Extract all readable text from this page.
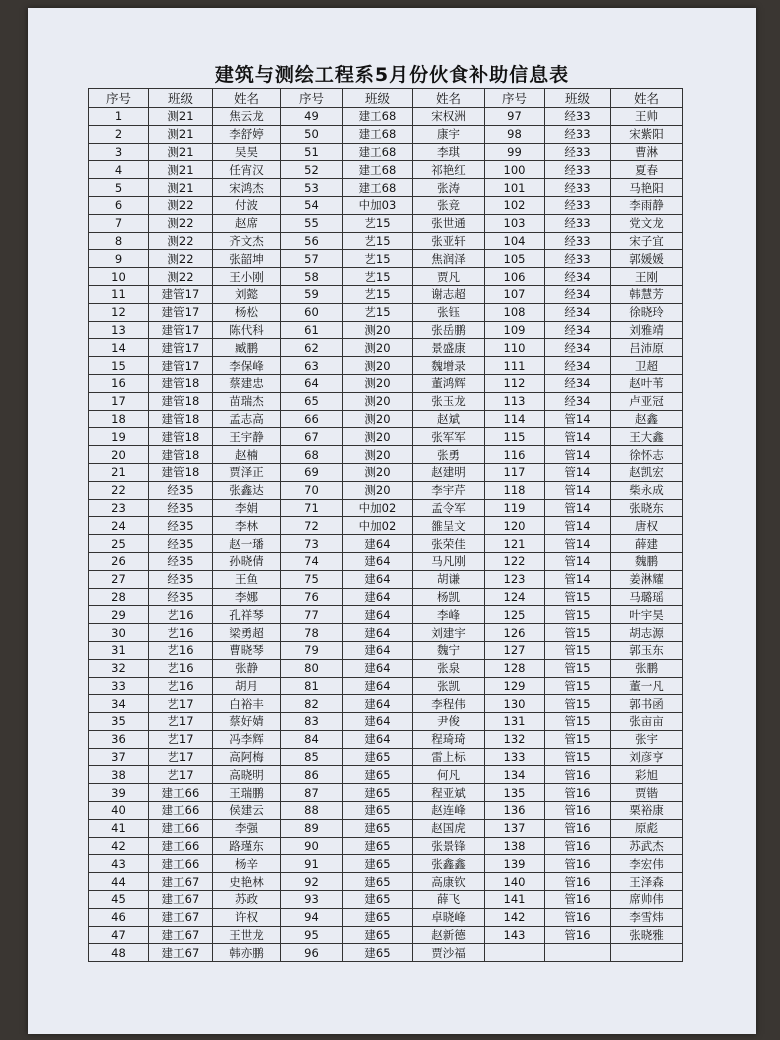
建筑与测绘工程系5月份伙食补助信息表
序号	班级	姓名	序号	班级	姓名	序号	班级	姓名
1	测21	焦云龙	49	建工68	宋权洲	97	经33	王帅
2	测21	李舒婷	50	建工68	康宇	98	经33	宋紫阳
3	测21	吴昊	51	建工68	李琪	99	经33	曹淋
4	测21	任宵汉	52	建工68	祁艳红	100	经33	夏春
5	测21	宋鸿杰	53	建工68	张涛	101	经33	马艳阳
6	测22	付波	54	中加03	张竞	102	经33	李雨静
7	测22	赵席	55	艺15	张世通	103	经33	党文龙
8	测22	齐文杰	56	艺15	张亚轩	104	经33	宋子宜
9	测22	张韶坤	57	艺15	焦润泽	105	经33	郭媛媛
10	测22	王小刚	58	艺15	贾凡	106	经34	王刚
11	建管17	刘懿	59	艺15	谢志超	107	经34	韩慧芳
12	建管17	杨松	60	艺15	张钰	108	经34	徐晓玲
13	建管17	陈代科	61	测20	张岳鹏	109	经34	刘雅靖
14	建管17	臧鹏	62	测20	景盛康	110	经34	吕沛原
15	建管17	李保峰	63	测20	魏增录	111	经34	卫超
16	建管18	蔡建忠	64	测20	董鸿辉	112	经34	赵叶苇
17	建管18	苗瑞杰	65	测20	张玉龙	113	经34	卢亚冠
18	建管18	孟志高	66	测20	赵斌	114	管14	赵鑫
19	建管18	王宇静	67	测20	张军军	115	管14	王大鑫
20	建管18	赵楠	68	测20	张勇	116	管14	徐怀志
21	建管18	贾泽正	69	测20	赵建明	117	管14	赵凯宏
22	经35	张鑫达	70	测20	李宇芹	118	管14	柴永成
23	经35	李娟	71	中加02	孟令军	119	管14	张晓东
24	经35	李林	72	中加02	雒呈文	120	管14	唐权
25	经35	赵一璠	73	建64	张荣佳	121	管14	薛建
26	经35	孙晓倩	74	建64	马凡刚	122	管14	魏鹏
27	经35	王鱼	75	建64	胡谦	123	管14	姜淋耀
28	经35	李娜	76	建64	杨凯	124	管15	马璐瑶
29	艺16	孔祥琴	77	建64	李峰	125	管15	叶宇昊
30	艺16	梁勇超	78	建64	刘建宇	126	管15	胡志源
31	艺16	曹晓琴	79	建64	魏宁	127	管15	郭玉东
32	艺16	张静	80	建64	张泉	128	管15	张鹏
33	艺16	胡月	81	建64	张凯	129	管15	董一凡
34	艺17	白裕丰	82	建64	李程伟	130	管15	郭书函
35	艺17	蔡好婧	83	建64	尹俊	131	管15	张亩亩
36	艺17	冯李辉	84	建64	程琦琦	132	管15	张宇
37	艺17	高阿梅	85	建65	雷上标	133	管15	刘彦亨
38	艺17	高晓明	86	建65	何凡	134	管16	彩旭
39	建工66	王瑞鹏	87	建65	程亚斌	135	管16	贾锴
40	建工66	侯建云	88	建65	赵连峰	136	管16	栗裕康
41	建工66	李强	89	建65	赵国虎	137	管16	原彪
42	建工66	路瑾东	90	建65	张景锋	138	管16	苏武杰
43	建工66	杨辛	91	建65	张鑫鑫	139	管16	李宏伟
44	建工67	史艳林	92	建65	高康钦	140	管16	王泽森
45	建工67	苏政	93	建65	薛飞	141	管16	席帅伟
46	建工67	许权	94	建65	卓晓峰	142	管16	李雪炜
47	建工67	王世龙	95	建65	赵新德	143	管16	张晓雅
48	建工67	韩亦鹏	96	建65	贾沙福			
